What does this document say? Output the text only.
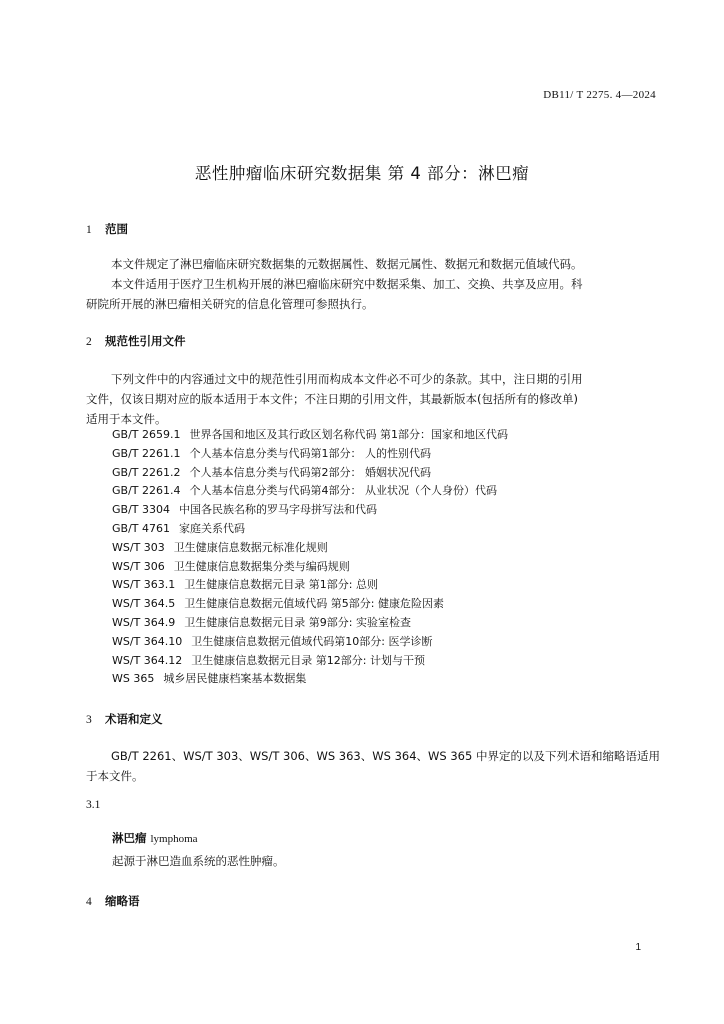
DB11/ T 2275. 4—2024
恶性肿瘤临床研究数据集 第 4 部分：淋巴瘤
1 范围
本文件规定了淋巴瘤临床研究数据集的元数据属性、数据元属性、数据元和数据元值域代码。
本文件适用于医疗卫生机构开展的淋巴瘤临床研究中数据采集、加工、交换、共享及应用。科
研院所开展的淋巴瘤相关研究的信息化管理可参照执行。
2 规范性引用文件
下列文件中的内容通过文中的规范性引用而构成本文件必不可少的条款。其中，注日期的引用
文件，仅该日期对应的版本适用于本文件；不注日期的引用文件，其最新版本(包括所有的修改单)
适用于本文件。
GB/T 2659.1 世界各国和地区及其行政区划名称代码 第1部分：国家和地区代码
GB/T 2261.1 个人基本信息分类与代码第1部分： 人的性别代码
GB/T 2261.2 个人基本信息分类与代码第2部分： 婚姻状况代码
GB/T 2261.4 个人基本信息分类与代码第4部分： 从业状况（个人身份）代码
GB/T 3304 中国各民族名称的罗马字母拼写法和代码
GB/T 4761 家庭关系代码
WS/T 303 卫生健康信息数据元标准化规则
WS/T 306 卫生健康信息数据集分类与编码规则
WS/T 363.1 卫生健康信息数据元目录 第1部分: 总则
WS/T 364.5 卫生健康信息数据元值域代码 第5部分: 健康危险因素
WS/T 364.9 卫生健康信息数据元目录 第9部分: 实验室检查
WS/T 364.10 卫生健康信息数据元值域代码第10部分: 医学诊断
WS/T 364.12 卫生健康信息数据元目录 第12部分: 计划与干预
WS 365 城乡居民健康档案基本数据集
3 术语和定义
GB/T 2261、WS/T 303、WS/T 306、WS 363、WS 364、WS 365 中界定的以及下列术语和缩略语适用
于本文件。
3.1
淋巴瘤 lymphoma
起源于淋巴造血系统的恶性肿瘤。
4 缩略语
1
